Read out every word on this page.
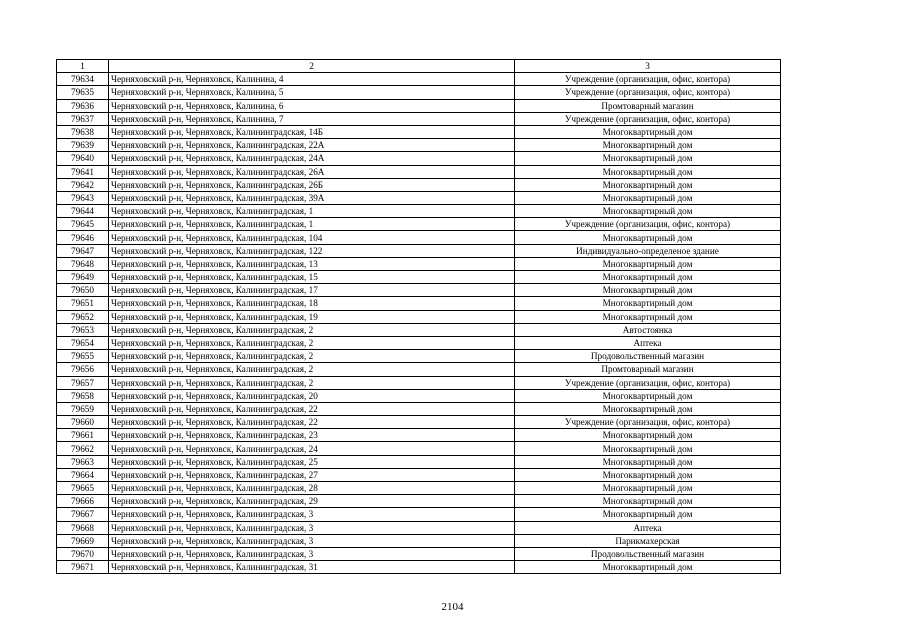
1	2	3
79634	Черняховский р-н, Черняховск, Калинина, 4	Учреждение (организация, офис, контора)
79635	Черняховский р-н, Черняховск, Калинина, 5	Учреждение (организация, офис, контора)
79636	Черняховский р-н, Черняховск, Калинина, 6	Промтоварный магазин
79637	Черняховский р-н, Черняховск, Калинина, 7	Учреждение (организация, офис, контора)
79638	Черняховский р-н, Черняховск, Калининградская, 14Б	Многоквартирный дом
79639	Черняховский р-н, Черняховск, Калининградская, 22А	Многоквартирный дом
79640	Черняховский р-н, Черняховск, Калининградская, 24А	Многоквартирный дом
79641	Черняховский р-н, Черняховск, Калининградская, 26А	Многоквартирный дом
79642	Черняховский р-н, Черняховск, Калининградская, 26Б	Многоквартирный дом
79643	Черняховский р-н, Черняховск, Калининградская, 39А	Многоквартирный дом
79644	Черняховский р-н, Черняховск, Калининградская, 1	Многоквартирный дом
79645	Черняховский р-н, Черняховск, Калининградская, 1	Учреждение (организация, офис, контора)
79646	Черняховский р-н, Черняховск, Калининградская, 104	Многоквартирный дом
79647	Черняховский р-н, Черняховск, Калининградская, 122	Индивидуально-определеное здание
79648	Черняховский р-н, Черняховск, Калининградская, 13	Многоквартирный дом
79649	Черняховский р-н, Черняховск, Калининградская, 15	Многоквартирный дом
79650	Черняховский р-н, Черняховск, Калининградская, 17	Многоквартирный дом
79651	Черняховский р-н, Черняховск, Калининградская, 18	Многоквартирный дом
79652	Черняховский р-н, Черняховск, Калининградская, 19	Многоквартирный дом
79653	Черняховский р-н, Черняховск, Калининградская, 2	Автостоянка
79654	Черняховский р-н, Черняховск, Калининградская, 2	Аптека
79655	Черняховский р-н, Черняховск, Калининградская, 2	Продовольственный магазин
79656	Черняховский р-н, Черняховск, Калининградская, 2	Промтоварный магазин
79657	Черняховский р-н, Черняховск, Калининградская, 2	Учреждение (организация, офис, контора)
79658	Черняховский р-н, Черняховск, Калининградская, 20	Многоквартирный дом
79659	Черняховский р-н, Черняховск, Калининградская, 22	Многоквартирный дом
79660	Черняховский р-н, Черняховск, Калининградская, 22	Учреждение (организация, офис, контора)
79661	Черняховский р-н, Черняховск, Калининградская, 23	Многоквартирный дом
79662	Черняховский р-н, Черняховск, Калининградская, 24	Многоквартирный дом
79663	Черняховский р-н, Черняховск, Калининградская, 25	Многоквартирный дом
79664	Черняховский р-н, Черняховск, Калининградская, 27	Многоквартирный дом
79665	Черняховский р-н, Черняховск, Калининградская, 28	Многоквартирный дом
79666	Черняховский р-н, Черняховск, Калининградская, 29	Многоквартирный дом
79667	Черняховский р-н, Черняховск, Калининградская, 3	Многоквартирный дом
79668	Черняховский р-н, Черняховск, Калининградская, 3	Аптека
79669	Черняховский р-н, Черняховск, Калининградская, 3	Парикмахерская
79670	Черняховский р-н, Черняховск, Калининградская, 3	Продовольственный магазин
79671	Черняховский р-н, Черняховск, Калининградская, 31	Многоквартирный дом
2104
